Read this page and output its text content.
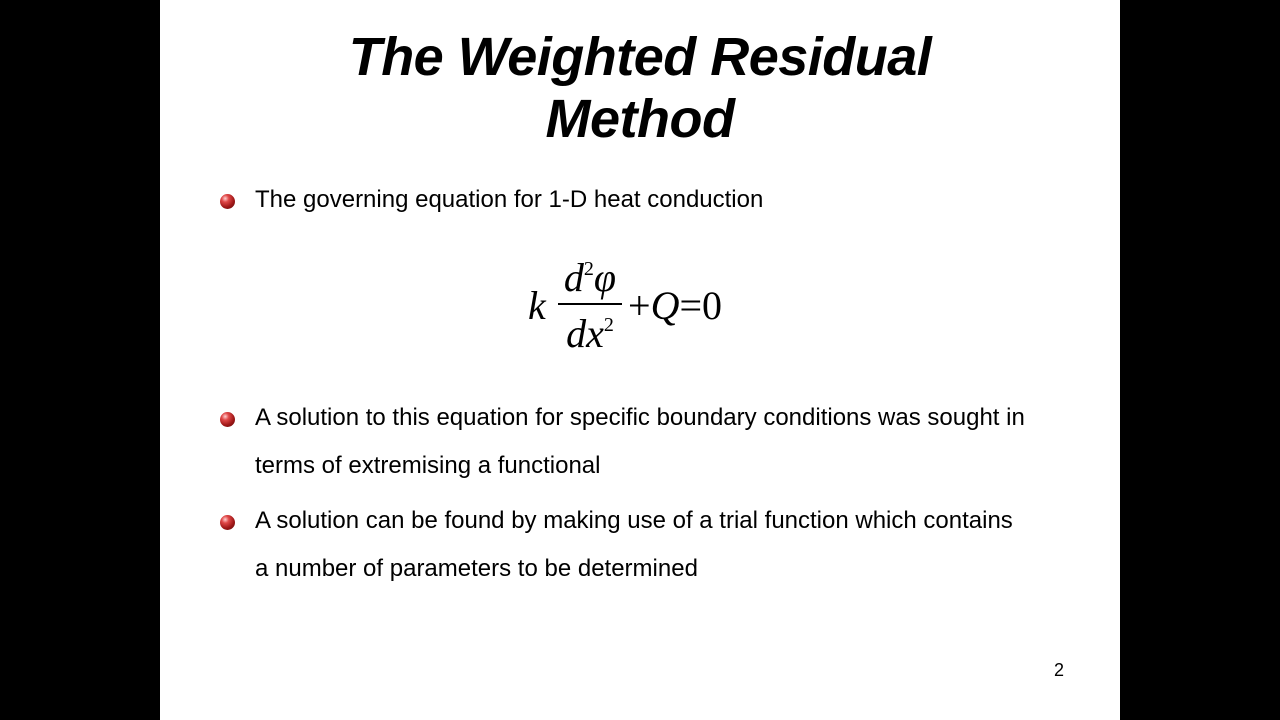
The Weighted Residual
Method
The governing equation for 1-D heat conduction
k
$d^2\varphi$
$dx^2 +Q=0$
A solution to this equation for specific boundary conditions was sought in terms of extremising a functional
A solution can be found by making use of a trial function which contains a number of parameters to be determined
2
